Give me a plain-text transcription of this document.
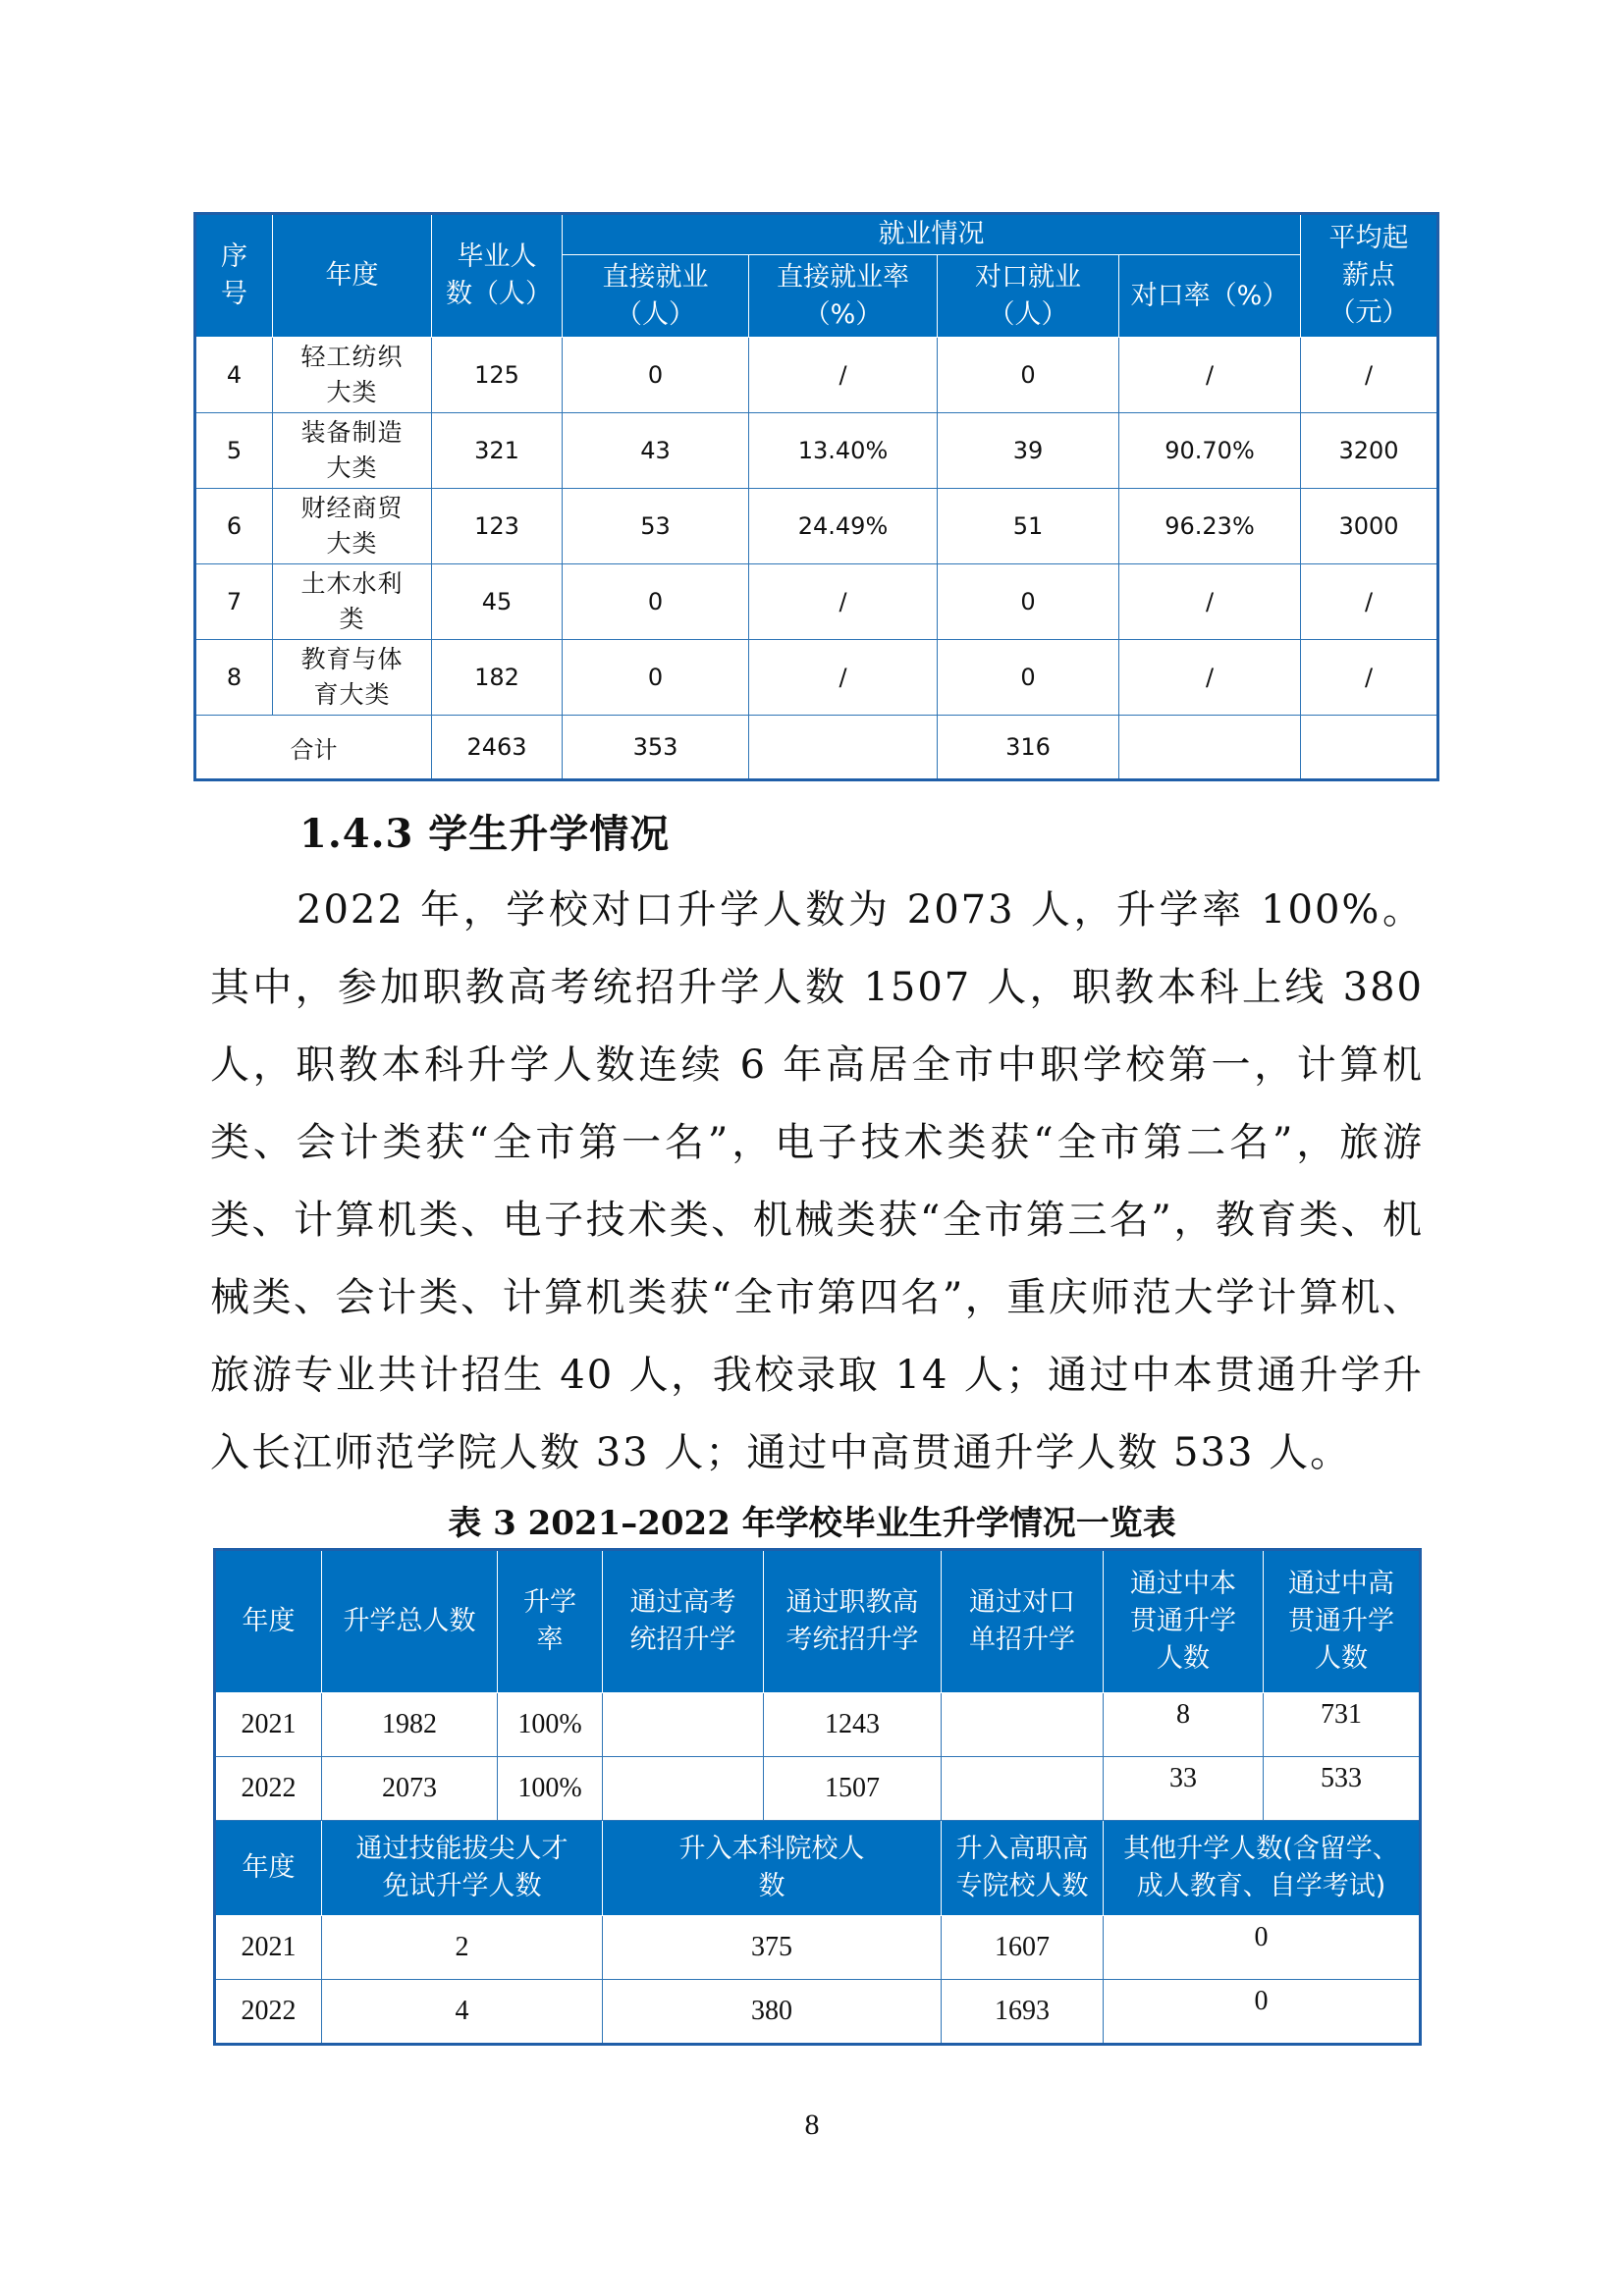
序号	年度	毕业人数（人）	就业情况				平均起薪点（元）
			直接就业（人）	直接就业率（%）	对口就业（人）	对口率（%）	
4	轻工纺织大类	125	0	/	0	/	/
5	装备制造大类	321	43	13.40%	39	90.70%	3200
6	财经商贸大类	123	53	24.49%	51	96.23%	3000
7	土木水利类	45	0	/	0	/	/
8	教育与体育大类	182	0	/	0	/	/
合计		2463	353		316		
1.4.3 学生升学情况

2022 年，学校对口升学人数为 2073 人，升学率 100%。其中，参加职教高考统招升学人数 1507 人，职教本科上线 380 人，职教本科升学人数连续 6 年高居全市中职学校第一，计算机类、会计类获“全市第一名”，电子技术类获“全市第二名”，旅游类、计算机类、电子技术类、机械类获“全市第三名”，教育类、机械类、会计类、计算机类获“全市第四名”，重庆师范大学计算机、旅游专业共计招生 40 人，我校录取 14 人；通过中本贯通升学升入长江师范学院人数 33 人；通过中高贯通升学人数 533 人。

表 3 2021–2022 年学校毕业生升学情况一览表

年度	升学总人数	升学率	通过高考统招升学	通过职教高考统招升学	通过对口单招升学	通过中本贯通升学人数	通过中高贯通升学人数
2021	1982	100%		1243		8	731
2022	2073	100%		1507		33	533
年度	通过技能拔尖人才免试升学人数		升入本科院校人数		升入高职高专院校人数	其他升学人数(含留学、成人教育、自学考试)	
2021	2		375		1607	0	
2022	4		380		1693	0	

8
